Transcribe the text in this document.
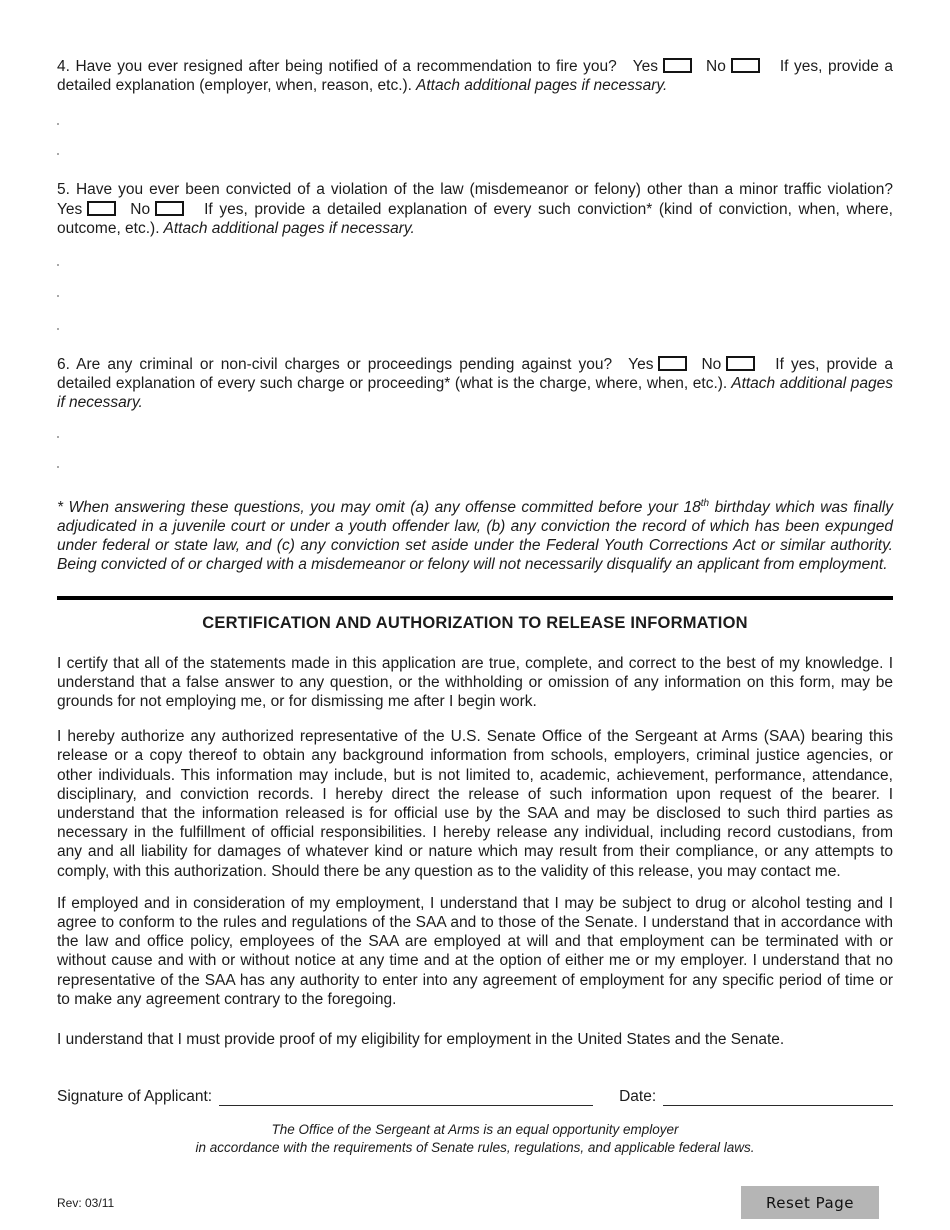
4. Have you ever resigned after being notified of a recommendation to fire you? Yes	No	If yes, provide a detailed explanation (employer, when, reason, etc.). Attach additional pages if necessary.

5. Have you ever been convicted of a violation of the law (misdemeanor or felony) other than a minor traffic violation?Yes	No	If yes, provide a detailed explanation of every such conviction* (kind of conviction, when, where, outcome, etc.). Attach additional pages if necessary.

6. Are any criminal or non-civil charges or proceedings pending against you? Yes	No	If yes, provide a detailed explanation of every such charge or proceeding* (what is the charge, where, when, etc.). Attach additional pages if necessary.

* When answering these questions, you may omit (a) any offense committed before your 18th birthday which was finally adjudicated in a juvenile court or under a youth offender law, (b) any conviction the record of which has been expunged under federal or state law, and (c) any conviction set aside under the Federal Youth Corrections Act or similar authority. Being convicted of or charged with a misdemeanor or felony will not necessarily disqualify an applicant from employment.

CERTIFICATION AND AUTHORIZATION TO RELEASE INFORMATION

I certify that all of the statements made in this application are true, complete, and correct to the best of my knowledge. I understand that a false answer to any question, or the withholding or omission of any information on this form, may be grounds for not employing me, or for dismissing me after I begin work.

I hereby authorize any authorized representative of the U.S. Senate Office of the Sergeant at Arms (SAA) bearing this release or a copy thereof to obtain any background information from schools, employers, criminal justice agencies, or other individuals. This information may include, but is not limited to, academic, achievement, performance, attendance, disciplinary, and conviction records. I hereby direct the release of such information upon request of the bearer. I understand that the information released is for official use by the SAA and may be disclosed to such third parties as necessary in the fulfillment of official responsibilities. I hereby release any individual, including record custodians, from any and all liability for damages of whatever kind or nature which may result from their compliance, or any attempts to comply, with this authorization. Should there be any question as to the validity of this release, you may contact me.

If employed and in consideration of my employment, I understand that I may be subject to drug or alcohol testing and I agree to conform to the rules and regulations of the SAA and to those of the Senate. I understand that in accordance with the law and office policy, employees of the SAA are employed at will and that employment can be terminated with or without cause and with or without notice at any time and at the option of either me or my employer. I understand that no representative of the SAA has any authority to enter into any agreement of employment for any specific period of time or to make any agreement contrary to the foregoing.

I understand that I must provide proof of my eligibility for employment in the United States and the Senate.

Signature of Applicant:	Date:
The Office of the Sergeant at Arms is an equal opportunity employer
in accordance with the requirements of Senate rules, regulations, and applicable federal laws.
Rev: 03/11	Reset Page
